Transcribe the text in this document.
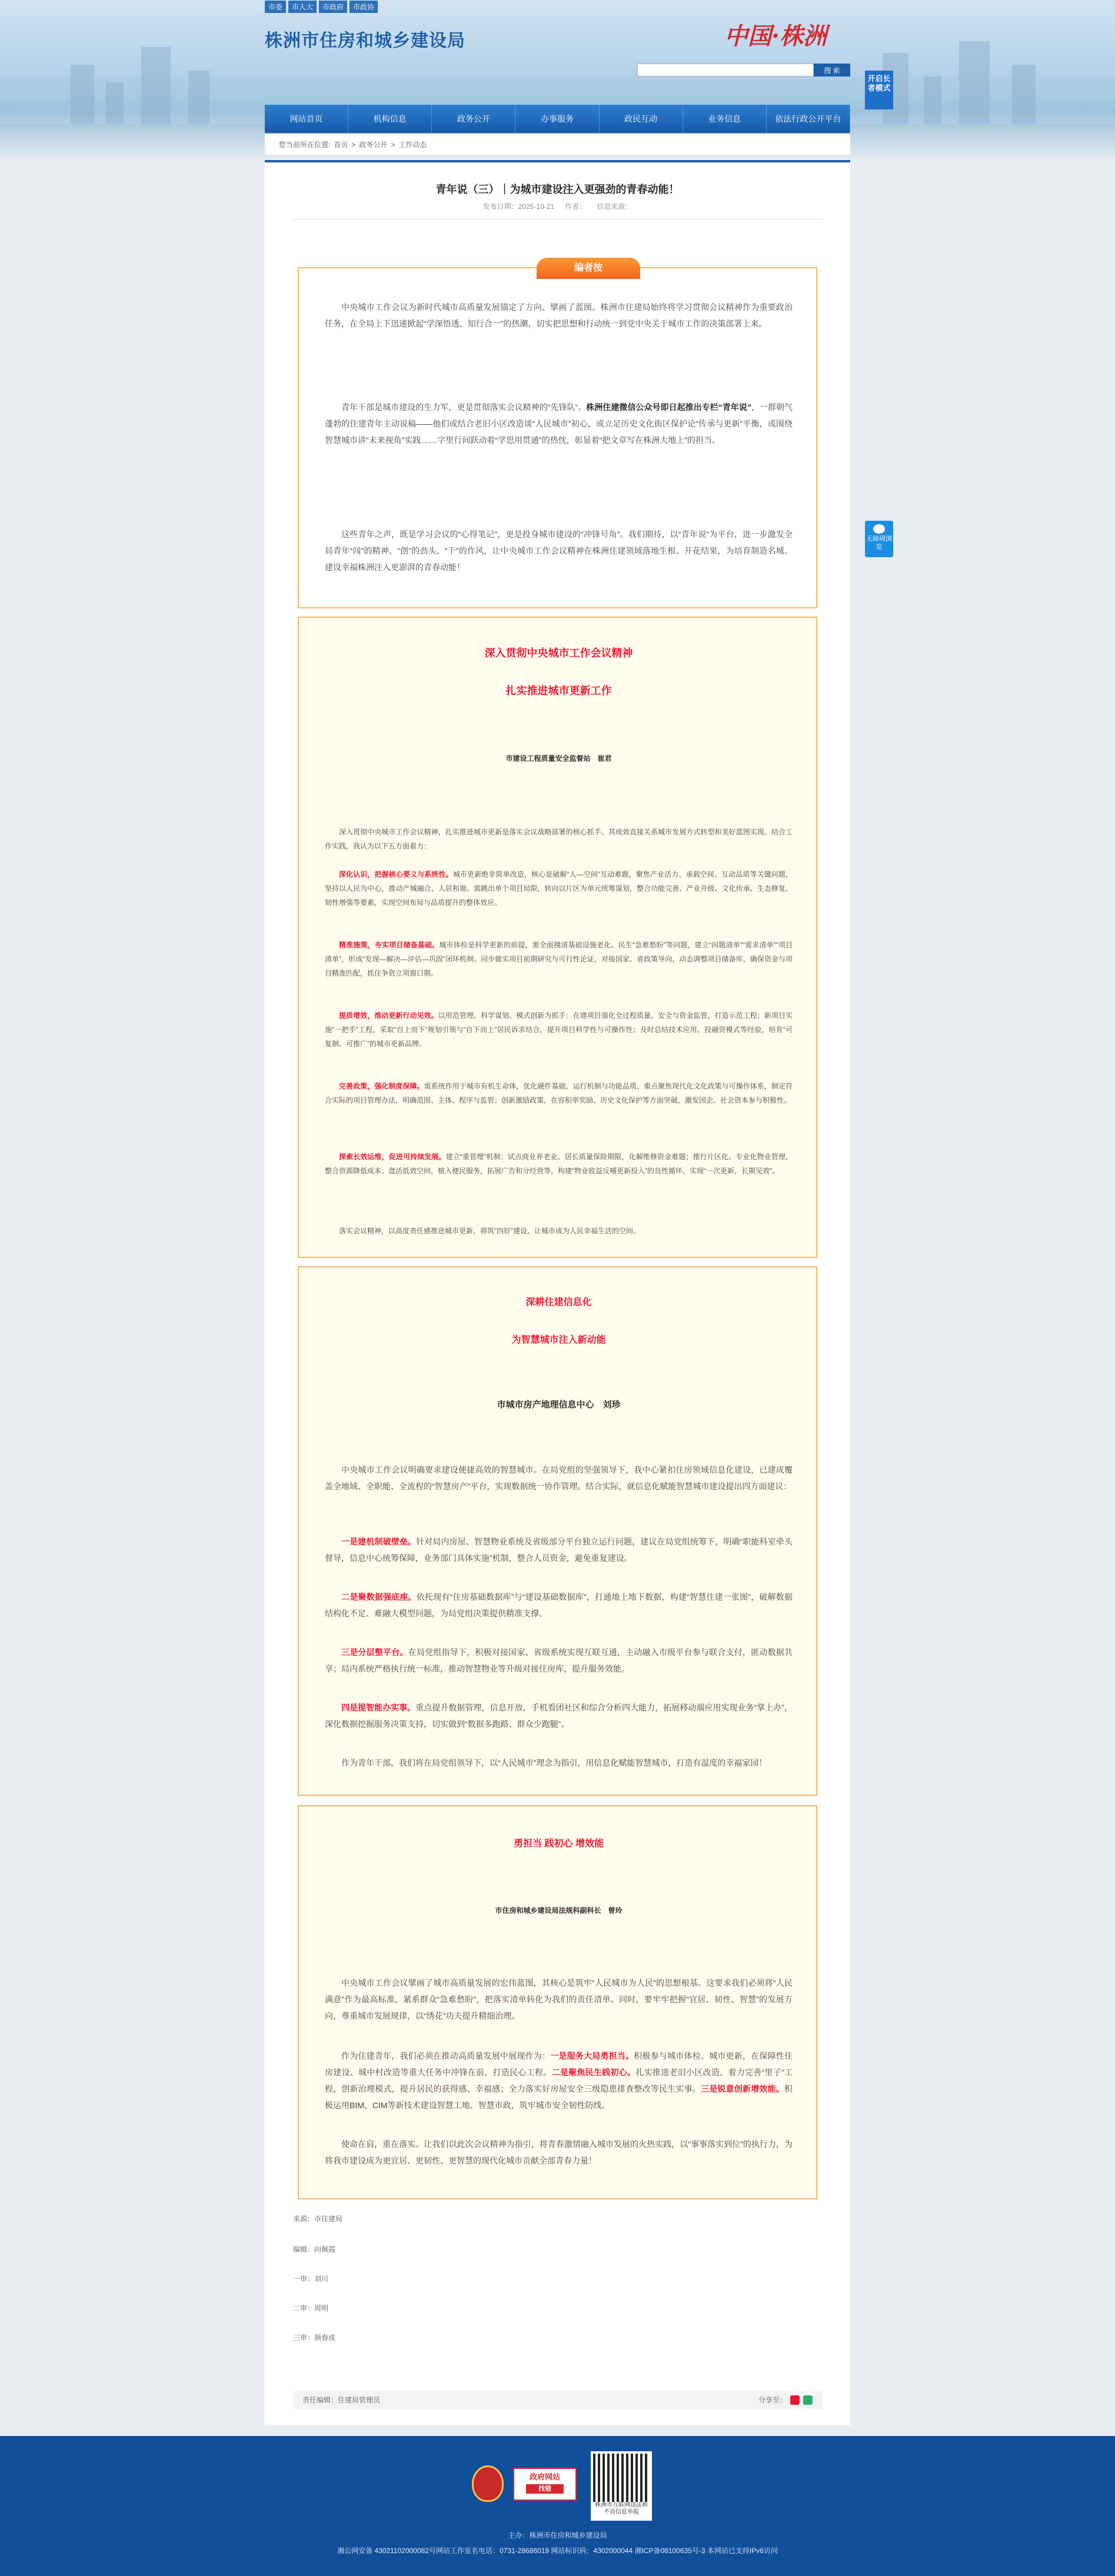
开启长者模式
无障碍浏览
市委	市人大	市政府	市政协
株洲市住房和城乡建设局	中国·株洲
搜 索
网站首页	机构信息	政务公开	办事服务	政民互动	业务信息	依法行政公开平台
您当前所在位置: 首页 > 政务公开 > 工作动态
青年说（三）｜为城市建设注入更强劲的青春动能！
发布日期：2025-10-21 作者： 信息来源：
编者按
中央城市工作会议为新时代城市高质量发展锚定了方向、擘画了蓝图。株洲市住建局始终将学习贯彻会议精神作为重要政治任务，在全局上下迅速掀起“学深悟透、知行合一”的热潮，切实把思想和行动统一到党中央关于城市工作的决策部署上来。
青年干部是城市建设的生力军，更是贯彻落实会议精神的“先锋队”。株洲住建微信公众号即日起推出专栏“青年说”，一群朝气蓬勃的住建青年主动说稿——他们或结合老旧小区改造谈“人民城市”初心，或立足历史文化街区保护论“传承与更新”平衡，或围绕智慧城市讲“未来视角”实践……字里行间跃动着“学思用贯通”的热忱，彰显着“把文章写在株洲大地上”的担当。
这些青年之声，既是学习会议的“心得笔记”，更是投身城市建设的“冲锋号角”。我们期待，以“青年说”为平台，进一步激发全局青年“闯”的精神、“创”的劲头、“干”的作风，让中央城市工作会议精神在株洲住建领域落地生根、开花结果，为培育制造名城、建设幸福株洲注入更澎湃的青春动能！
深入贯彻中央城市工作会议精神
扎实推进城市更新工作
市建设工程质量安全监督站　崔君
深入贯彻中央城市工作会议精神，扎实推进城市更新是落实会议战略部署的核心抓手。其成效直接关系城市发展方式转型和美好蓝图实现。结合工作实践，我认为以下五方面着力：
深化认识，把握核心要义与系统性。城市更新绝非简单改造，核心是破解“人—空间”互动难题，聚焦产业活力、承载空间、互动品质等关键问题，坚持以人民为中心，推动产城融合、人居和谐。需跳出单个项目局限，转向以片区为单元统筹谋划，整合功能完善、产业升级、文化传承、生态修复、韧性增强等要素，实现空间布局与品质提升的整体效应。
精准施策，夯实项目储备基础。城市体检是科学更新的前提，需全面摸清基础设施老化、民生“急难愁盼”等问题，建立“问题清单”“需求清单”“项目清单”，形成“发现—解决—评估—巩固”闭环机制。同步做实项目前期研究与可行性论证，对接国家、省政策导向，动态调整项目储备库，确保资金与项目精准匹配，抓住争资立项窗口期。
提质增效，推动更新行动见效。以用范管理、科学谋划、模式创新为抓手：在建项目强化全过程质量、安全与资金监管，打造示范工程；新项目实施“一把手”工程，采取“自上而下”规划引领与“自下而上”居民诉求结合，提升项目科学性与可操作性；及时总结技术应用、投融资模式等经验，培育“可复制、可推广”的城市更新品牌。
完善政策，强化制度保障。需系统作用于城市有机生命体，优化硬件基础，运行机制与功能品质，重点聚焦现代化文化政策与可操作体系，制定符合实际的项目管理办法，明确范围、主体、程序与监管；创新激励政策，在容积率奖励、历史文化保护等方面突破，激发国企、社会资本参与积极性。
探索长效运维，促进可持续发展。建立“重管理”机制：试点商业养老业、居长质量保险期限，化解维修资金难题；推行片区化、专业化物业管理，整合资源降低成本；盘活低效空间，植入便民服务，拓展广告和分经营等，构建“物业收益反哺更新投入”的良性循环，实现“一次更新，长期见效”。
落实会议精神，以高度责任感推进城市更新，将筑“四好”建设，让城市成为人民幸福生活的空间。
深耕住建信息化
为智慧城市注入新动能
市城市房产地理信息中心　刘珍
中央城市工作会议明确要求建设便捷高效的智慧城市。在局党组的坚强领导下，我中心紧扣住房领域信息化建设，已建成覆盖全地域、全职能、全流程的“智慧房产”平台，实现数据统一协作管理。结合实际，就信息化赋能智慧城市建设提出四方面建议：
一是建机制破壁垒。针对局内房屋、智慧物业系统及省级部分平台独立运行问题，建议在局党组统筹下，明确“职能科室牵头督导，信息中心统筹保障，业务部门具体实施”机制，整合人员资金，避免重复建设。
二是聚数据强底座。依托现有“住房基础数据库”与“建设基础数据库”，打通地上地下数据，构建“智慧住建一张图”，破解数据结构化不足、难融大模型问题，为局党组决策提供精准支撑。
三是分层整平台。在局党组指导下，积极对接国家、省级系统实现互联互通，主动融入市级平台参与联合支付，匿动数据共享；局内系统严格执行统一标准，推动智慧物业等升级对接住房库，提升服务效能。
四是提智能办实事。重点提升数据管理，信息开放，手机看团社区和综合分析四大能力，拓展移动端应用实现业务“掌上办”，深化数据挖掘服务决策支持，切实做到“数据多跑路、群众少跑腿”。
作为青年干部，我们将在局党组领导下，以“人民城市”理念为指引，用信息化赋能智慧城市，打造有温度的幸福家园！
勇担当 践初心 增效能
市住房和城乡建设局法规科副科长　曾玲
中央城市工作会议擘画了城市高质量发展的宏伟蓝图，其核心是筑牢“人民城市为人民”的思想根基。这要求我们必须将“人民满意”作为最高标准，紧系群众“急难愁盼”，把落实清单转化为我们的责任清单。同时，要牢牢把握“宜居、韧性、智慧”的发展方向，尊重城市发展规律，以“绣花”功夫提升精细治理。
作为住建青年，我们必须在推动高质量发展中展现作为：一是服务大局勇担当。积极参与城市体检、城市更新，在保障性住房建设、城中村改造等重大任务中冲锋在前，打造民心工程。二是聚焦民生践初心。扎实推进老旧小区改造、着力完善“里子”工程，创新治理模式，提升居民的获得感、幸福感；全力落实好房屋安全三级隐患排查整改等民生实事。三是锐意创新增效能。积极运用BIM、CIM等新技术建设智慧工地、智慧市政，筑牢城市安全韧性防线。
使命在肩，重在落实。让我们以此次会议精神为指引，将青春激情融入城市发展的火热实践，以“事事落实到位”的执行力，为将我市建设成为更宜居、更韧性、更智慧的现代化城市贡献全部青春力量！
来源：市住建局
编辑：向佩霞
一审：刘川
二审：周明
三审：颜春成
责任编辑：住建局管理员	分享至：
政府网站
找错
株洲市互联网违法和不良信息举报
主办：株洲市住房和城乡建设局
湘公网安备 43021102000082号网站工作室名电话：0731-28686019 网站标识码：4302000044 湘ICP备08100635号-3 本网站已支持IPv6访问
